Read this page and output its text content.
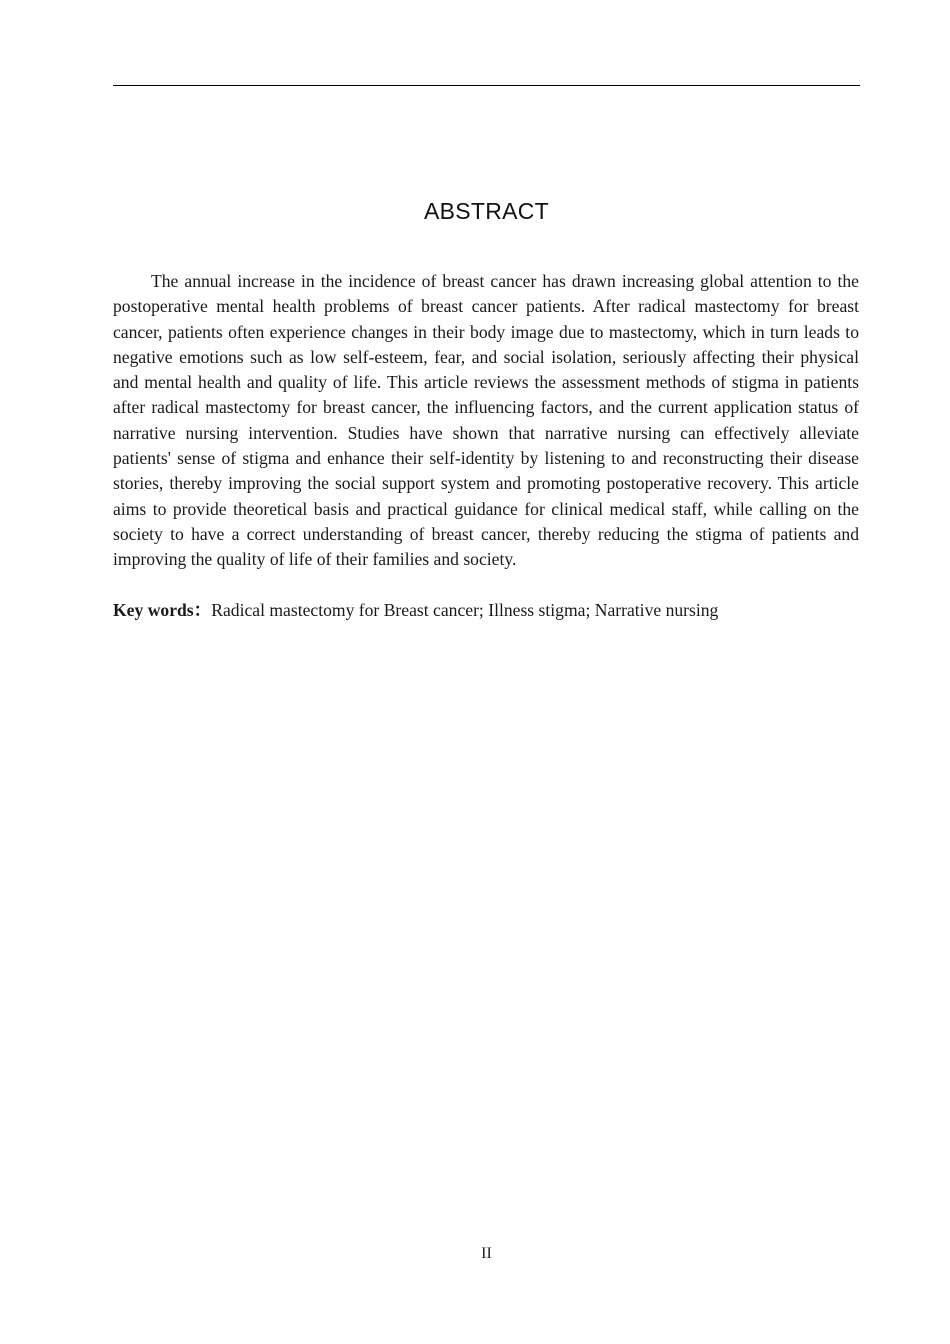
ABSTRACT

The annual increase in the incidence of breast cancer has drawn increasing global attention to the postoperative mental health problems of breast cancer patients. After radical mastectomy for breast cancer, patients often experience changes in their body image due to mastectomy, which in turn leads to negative emotions such as low self-esteem, fear, and social isolation, seriously affecting their physical and mental health and quality of life. This article reviews the assessment methods of stigma in patients after radical mastectomy for breast cancer, the influencing factors, and the current application status of narrative nursing intervention. Studies have shown that narrative nursing can effectively alleviate patients' sense of stigma and enhance their self-identity by listening to and reconstructing their disease stories, thereby improving the social support system and promoting postoperative recovery. This article aims to provide theoretical basis and practical guidance for clinical medical staff, while calling on the society to have a correct understanding of breast cancer, thereby reducing the stigma of patients and improving the quality of life of their families and society.

Key words：Radical mastectomy for Breast cancer; Illness stigma; Narrative nursing

II
